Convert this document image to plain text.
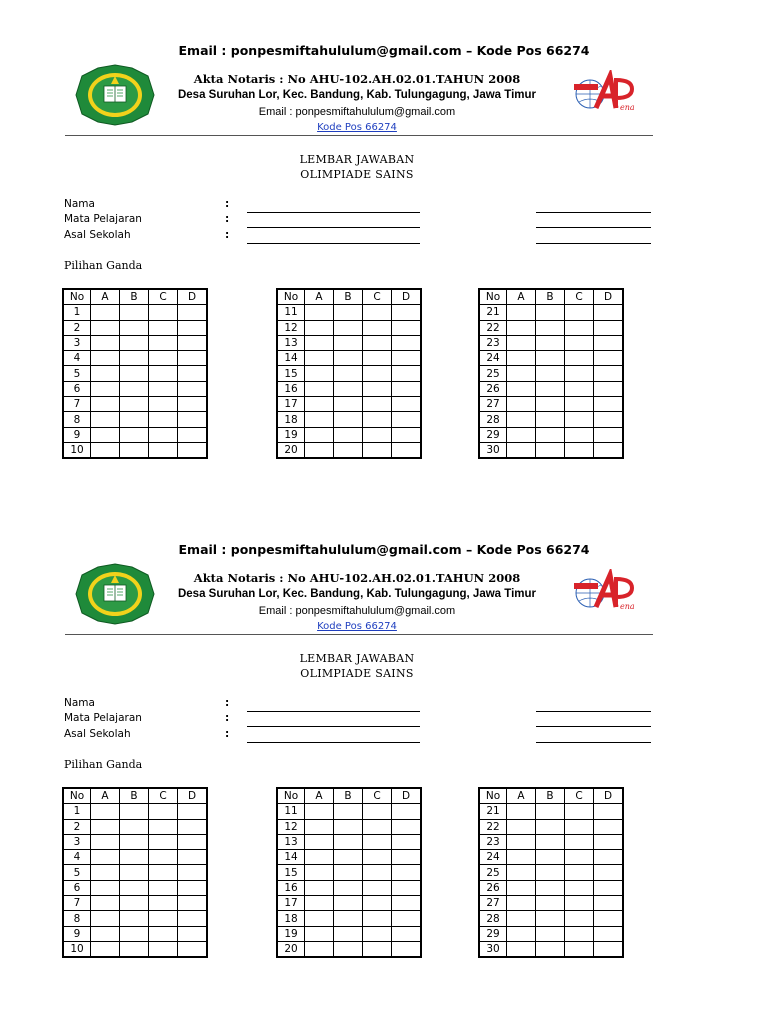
Email : ponpesmiftahululum@gmail.com – Kode Pos 66274
ena
Akta Notaris : No AHU-102.AH.02.01.TAHUN 2008
Desa Suruhan Lor, Kec. Bandung, Kab. Tulungagung, Jawa Timur
Email : ponpesmiftahululum@gmail.com
Kode Pos 66274
LEMBAR JAWABAN
OLIMPIADE SAINS
Nama	:
Mata Pelajaran	:
Asal Sekolah	:
Pilihan Ganda
No	A	B	C	D
1				
2				
3				
4				
5				
6				
7				
8				
9				
10				
No	A	B	C	D
11				
12				
13				
14				
15				
16				
17				
18				
19				
20				
No	A	B	C	D
21				
22				
23				
24				
25				
26				
27				
28				
29				
30				
Email : ponpesmiftahululum@gmail.com – Kode Pos 66274
ena
Akta Notaris : No AHU-102.AH.02.01.TAHUN 2008
Desa Suruhan Lor, Kec. Bandung, Kab. Tulungagung, Jawa Timur
Email : ponpesmiftahululum@gmail.com
Kode Pos 66274
LEMBAR JAWABAN
OLIMPIADE SAINS
Nama	:
Mata Pelajaran	:
Asal Sekolah	:
Pilihan Ganda
No	A	B	C	D
1				
2				
3				
4				
5				
6				
7				
8				
9				
10				
No	A	B	C	D
11				
12				
13				
14				
15				
16				
17				
18				
19				
20				
No	A	B	C	D
21				
22				
23				
24				
25				
26				
27				
28				
29				
30				
